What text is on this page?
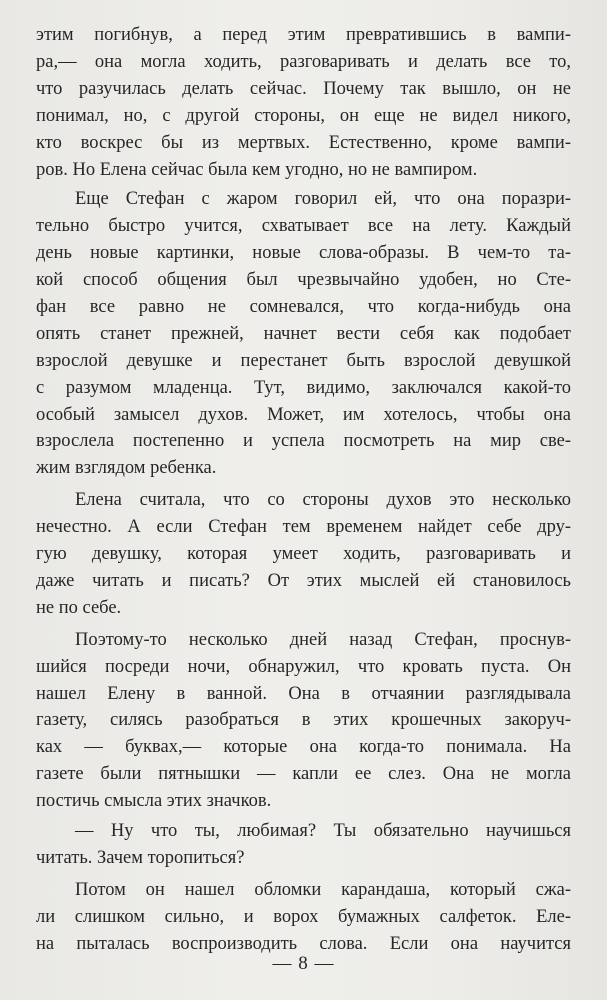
этим погибнув, а перед этим превратившись в вампи-
ра,— она могла ходить, разговаривать и делать все то,
что разучилась делать сейчас. Почему так вышло, он не
понимал, но, с другой стороны, он еще не видел никого,
кто воскрес бы из мертвых. Естественно, кроме вампи-
ров. Но Елена сейчас была кем угодно, но не вампиром.
Еще Стефан с жаром говорил ей, что она поразри-
тельно быстро учится, схватывает все на лету. Каждый
день новые картинки, новые слова-образы. В чем-то та-
кой способ общения был чрезвычайно удобен, но Сте-
фан все равно не сомневался, что когда-нибудь она
опять станет прежней, начнет вести себя как подобает
взрослой девушке и перестанет быть взрослой девушкой
с разумом младенца. Тут, видимо, заключался какой-то
особый замысел духов. Может, им хотелось, чтобы она
взрослела постепенно и успела посмотреть на мир све-
жим взглядом ребенка.
Елена считала, что со стороны духов это несколько
нечестно. А если Стефан тем временем найдет себе дру-
гую девушку, которая умеет ходить, разговаривать и
даже читать и писать? От этих мыслей ей становилось
не по себе.
Поэтому-то несколько дней назад Стефан, проснув-
шийся посреди ночи, обнаружил, что кровать пуста. Он
нашел Елену в ванной. Она в отчаянии разглядывала
газету, силясь разобраться в этих крошечных закоруч-
ках — буквах,— которые она когда-то понимала. На
газете были пятнышки — капли ее слез. Она не могла
постичь смысла этих значков.
— Ну что ты, любимая? Ты обязательно научишься
читать. Зачем торопиться?
Потом он нашел обломки карандаша, который сжа-
ли слишком сильно, и ворох бумажных салфеток. Еле-
на пыталась воспроизводить слова. Если она научится
— 8 —
